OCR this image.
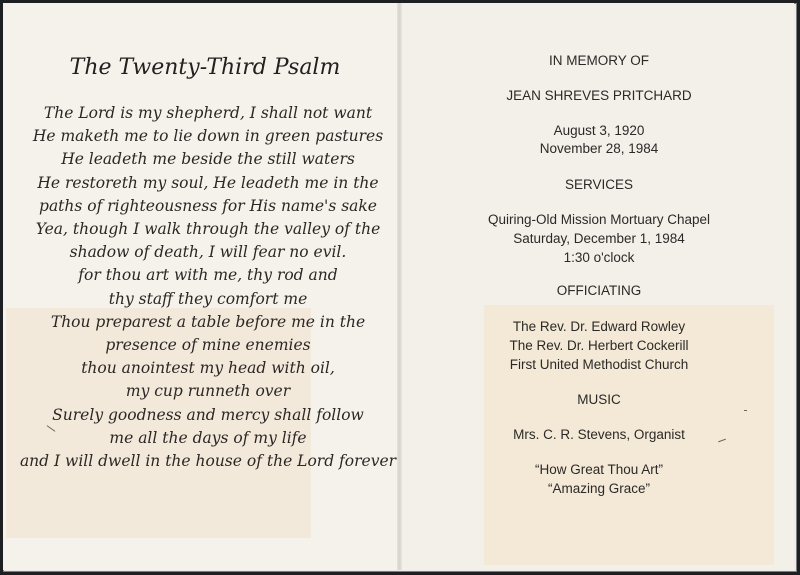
The Twenty-Third Psalm
The Lord is my shepherd, I shall not want
He maketh me to lie down in green pastures
He leadeth me beside the still waters
He restoreth my soul, He leadeth me in the
paths of righteousness for His name's sake
Yea, though I walk through the valley of the
shadow of death, I will fear no evil.
for thou art with me, thy rod and
thy staff they comfort me
Thou preparest a table before me in the
presence of mine enemies
thou anointest my head with oil,
my cup runneth over
Surely goodness and mercy shall follow
me all the days of my life
and I will dwell in the house of the Lord forever
IN MEMORY OF
JEAN SHREVES PRITCHARD
August 3, 1920
November 28, 1984
SERVICES
Quiring-Old Mission Mortuary Chapel
Saturday, December 1, 1984
1:30 o'clock
OFFICIATING
The Rev. Dr. Edward Rowley
The Rev. Dr. Herbert Cockerill
First United Methodist Church
MUSIC
Mrs. C. R. Stevens, Organist
“How Great Thou Art”
“Amazing Grace”
